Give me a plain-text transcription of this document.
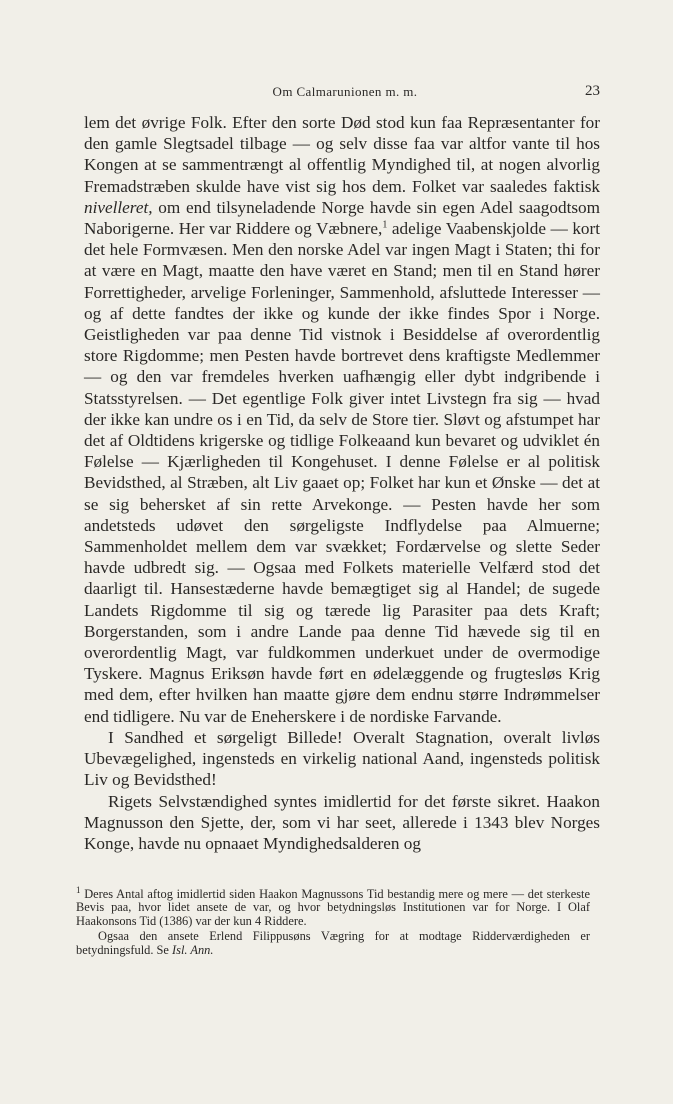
Om Calmarunionen m. m.	23

lem det øvrige Folk. Efter den sorte Død stod kun faa Repræsentanter for den gamle Slegtsadel tilbage — og selv disse faa var altfor vante til hos Kongen at se sammentrængt al offentlig Myndighed til, at nogen alvorlig Fremadstræben skulde have vist sig hos dem. Folket var saaledes faktisk nivelleret, om end tilsyneladende Norge havde sin egen Adel saagodtsom Naborigerne. Her var Riddere og Væbnere,$^1$ adelige Vaabenskjolde — kort det hele Formvæsen. Men den norske Adel var ingen Magt i Staten; thi for at være en Magt, maatte den have været en Stand; men til en Stand hører Forrettigheder, arvelige Forleninger, Sammenhold, afsluttede Interesser — og af dette fandtes der ikke og kunde der ikke findes Spor i Norge. Geistligheden var paa denne Tid vistnok i Besiddelse af overordentlig store Rigdomme; men Pesten havde bortrevet dens kraftigste Medlemmer — og den var fremdeles hverken uafhængig eller dybt indgribende i Statsstyrelsen. — Det egentlige Folk giver intet Livstegn fra sig — hvad der ikke kan undre os i en Tid, da selv de Store tier. Sløvt og afstumpet har det af Oldtidens krigerske og tidlige Folkeaand kun bevaret og udviklet én Følelse — Kjærligheden til Kongehuset. I denne Følelse er al politisk Bevidsthed, al Stræben, alt Liv gaaet op; Folket har kun et Ønske — det at se sig behersket af sin rette Arvekonge. — Pesten havde her som andetsteds udøvet den sørgeligste Indflydelse paa Almuerne; Sammenholdet mellem dem var svækket; Fordærvelse og slette Seder havde udbredt sig. — Ogsaa med Folkets materielle Velfærd stod det daarligt til. Hansestæderne havde bemægtiget sig al Handel; de sugede Landets Rigdomme til sig og tærede lig Parasiter paa dets Kraft; Borgerstanden, som i andre Lande paa denne Tid hævede sig til en overordentlig Magt, var fuldkommen underkuet under de overmodige Tyskere. Magnus Eriksøn havde ført en ødelæggende og frugtesløs Krig med dem, efter hvilken han maatte gjøre dem endnu større Indrømmelser end tidligere. Nu var de Eneherskere i de nordiske Farvande.

I Sandhed et sørgeligt Billede! Overalt Stagnation, overalt livløs Ubevægelighed, ingensteds en virkelig national Aand, ingensteds politisk Liv og Bevidsthed!

Rigets Selvstændighed syntes imidlertid for det første sikret. Haakon Magnusson den Sjette, der, som vi har seet, allerede i 1343 blev Norges Konge, havde nu opnaaet Myndighedsalderen og

$^1$ Deres Antal aftog imidlertid siden Haakon Magnussons Tid bestandig mere og mere — det sterkeste Bevis paa, hvor lidet ansete de var, og hvor betydningsløs Institutionen var for Norge. I Olaf Haakonsons Tid (1386) var der kun 4 Riddere.

Ogsaa den ansete Erlend Filippusøns Vægring for at modtage Ridderværdigheden er betydningsfuld. Se Isl. Ann.
